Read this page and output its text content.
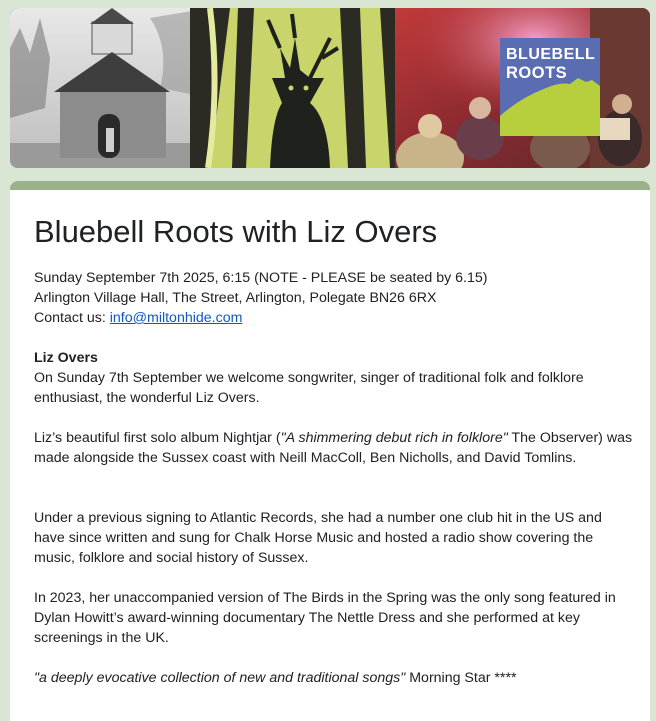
BLUEBELL
ROOTS
Bluebell Roots with Liz Overs

Sunday September 7th 2025, 6:15 (NOTE - PLEASE be seated by 6.15)

Arlington Village Hall, The Street, Arlington, Polegate BN26 6RX

Contact us: info@miltonhide.com

Liz Overs

On Sunday 7th September we welcome songwriter, singer of traditional folk and folklore enthusiast, the wonderful Liz Overs.

Liz’s beautiful first solo album Nightjar ("A shimmering debut rich in folklore" The Observer) was made alongside the Sussex coast with Neill MacColl, Ben Nicholls, and David Tomlins.

Under a previous signing to Atlantic Records, she had a number one club hit in the US and have since written and sung for Chalk Horse Music and hosted a radio show covering the music, folklore and social history of Sussex.

In 2023, her unaccompanied version of The Birds in the Spring was the only song featured in Dylan Howitt’s award-winning documentary The Nettle Dress and she performed at key screenings in the UK.

"a deeply evocative collection of new and traditional songs" Morning Star ****
